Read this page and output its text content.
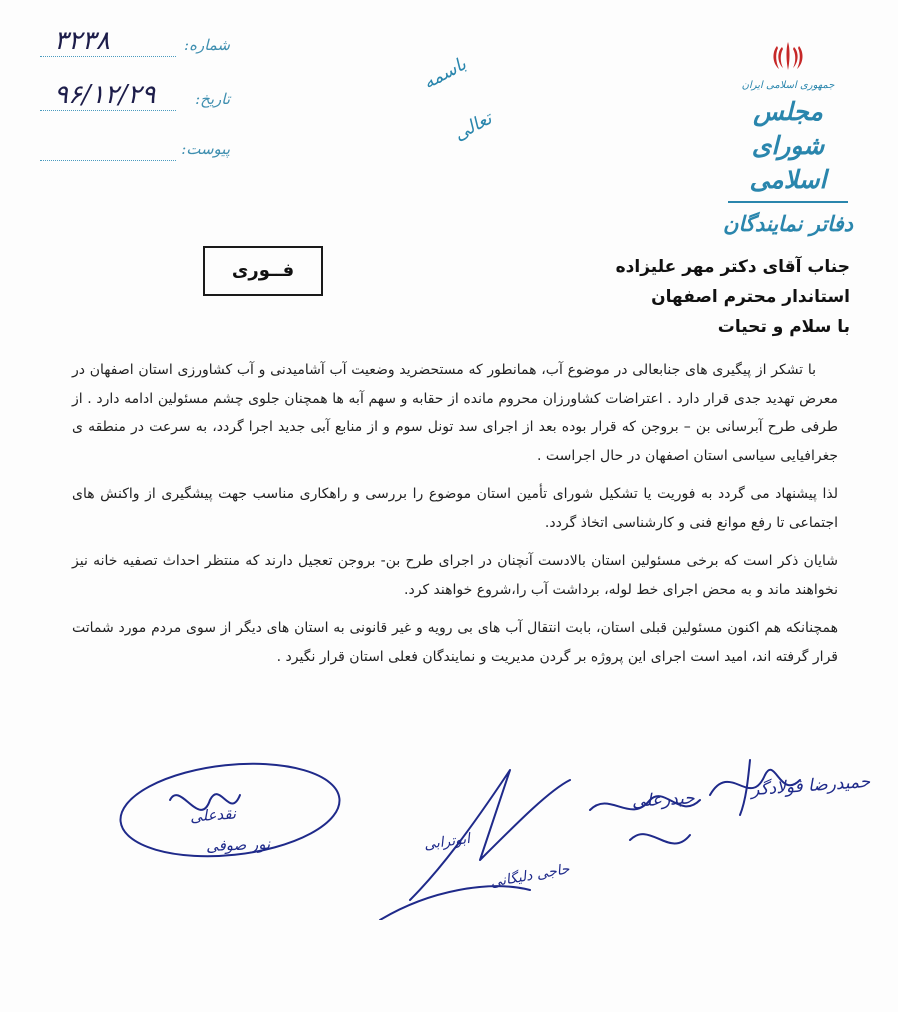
شماره:
۳۲۳۸
تاریخ:
۹۶/۱۲/۲۹
پیوست:
باسمه تعالی
جمهوری اسلامی ایران
مجلس شورای اسلامی
دفاتر نمایندگان
فــوری	جناب آقای دکتر مهر علیزاده
استاندار محترم اصفهان
با سلام و تحیات

با تشکر از پیگیری های جنابعالی در موضوع آب، همانطور که مستحضرید وضعیت آب آشامیدنی و آب کشاورزی استان اصفهان در معرض تهدید جدی قرار دارد . اعتراضات کشاورزان محروم مانده از حقابه و سهم آبه ها همچنان جلوی چشم مسئولین ادامه دارد . از طرفی طرح آبرسانی بن – بروجن که قرار بوده بعد از اجرای سد تونل سوم و از منابع آبی جدید اجرا گردد، به سرعت در منطقه ی جغرافیایی سیاسی استان اصفهان در حال اجراست .

لذا پیشنهاد می گردد به فوریت یا تشکیل شورای تأمین استان موضوع را بررسی و راهکاری مناسب جهت پیشگیری از واکنش های اجتماعی تا رفع موانع فنی و کارشناسی اتخاذ گردد.

شایان ذکر است که برخی مسئولین استان بالادست آنچنان در اجرای طرح بن- بروجن تعجیل دارند که منتظر احداث تصفیه خانه نیز نخواهند ماند و به محض اجرای خط لوله، برداشت آب را،شروع خواهند کرد.

همچنانکه هم اکنون مسئولین قبلی استان، بابت انتقال آب های بی رویه و غیر قانونی به استان های دیگر از سوی مردم مورد شماتت قرار گرفته اند، امید است اجرای این پروژه بر گردن مدیریت و نمایندگان فعلی استان قرار نگیرد .

حمیدرضا فولادگر
حیدرعلی
ابوترابی
حاجی دلیگانی
نقدعلی
نور صوفی
